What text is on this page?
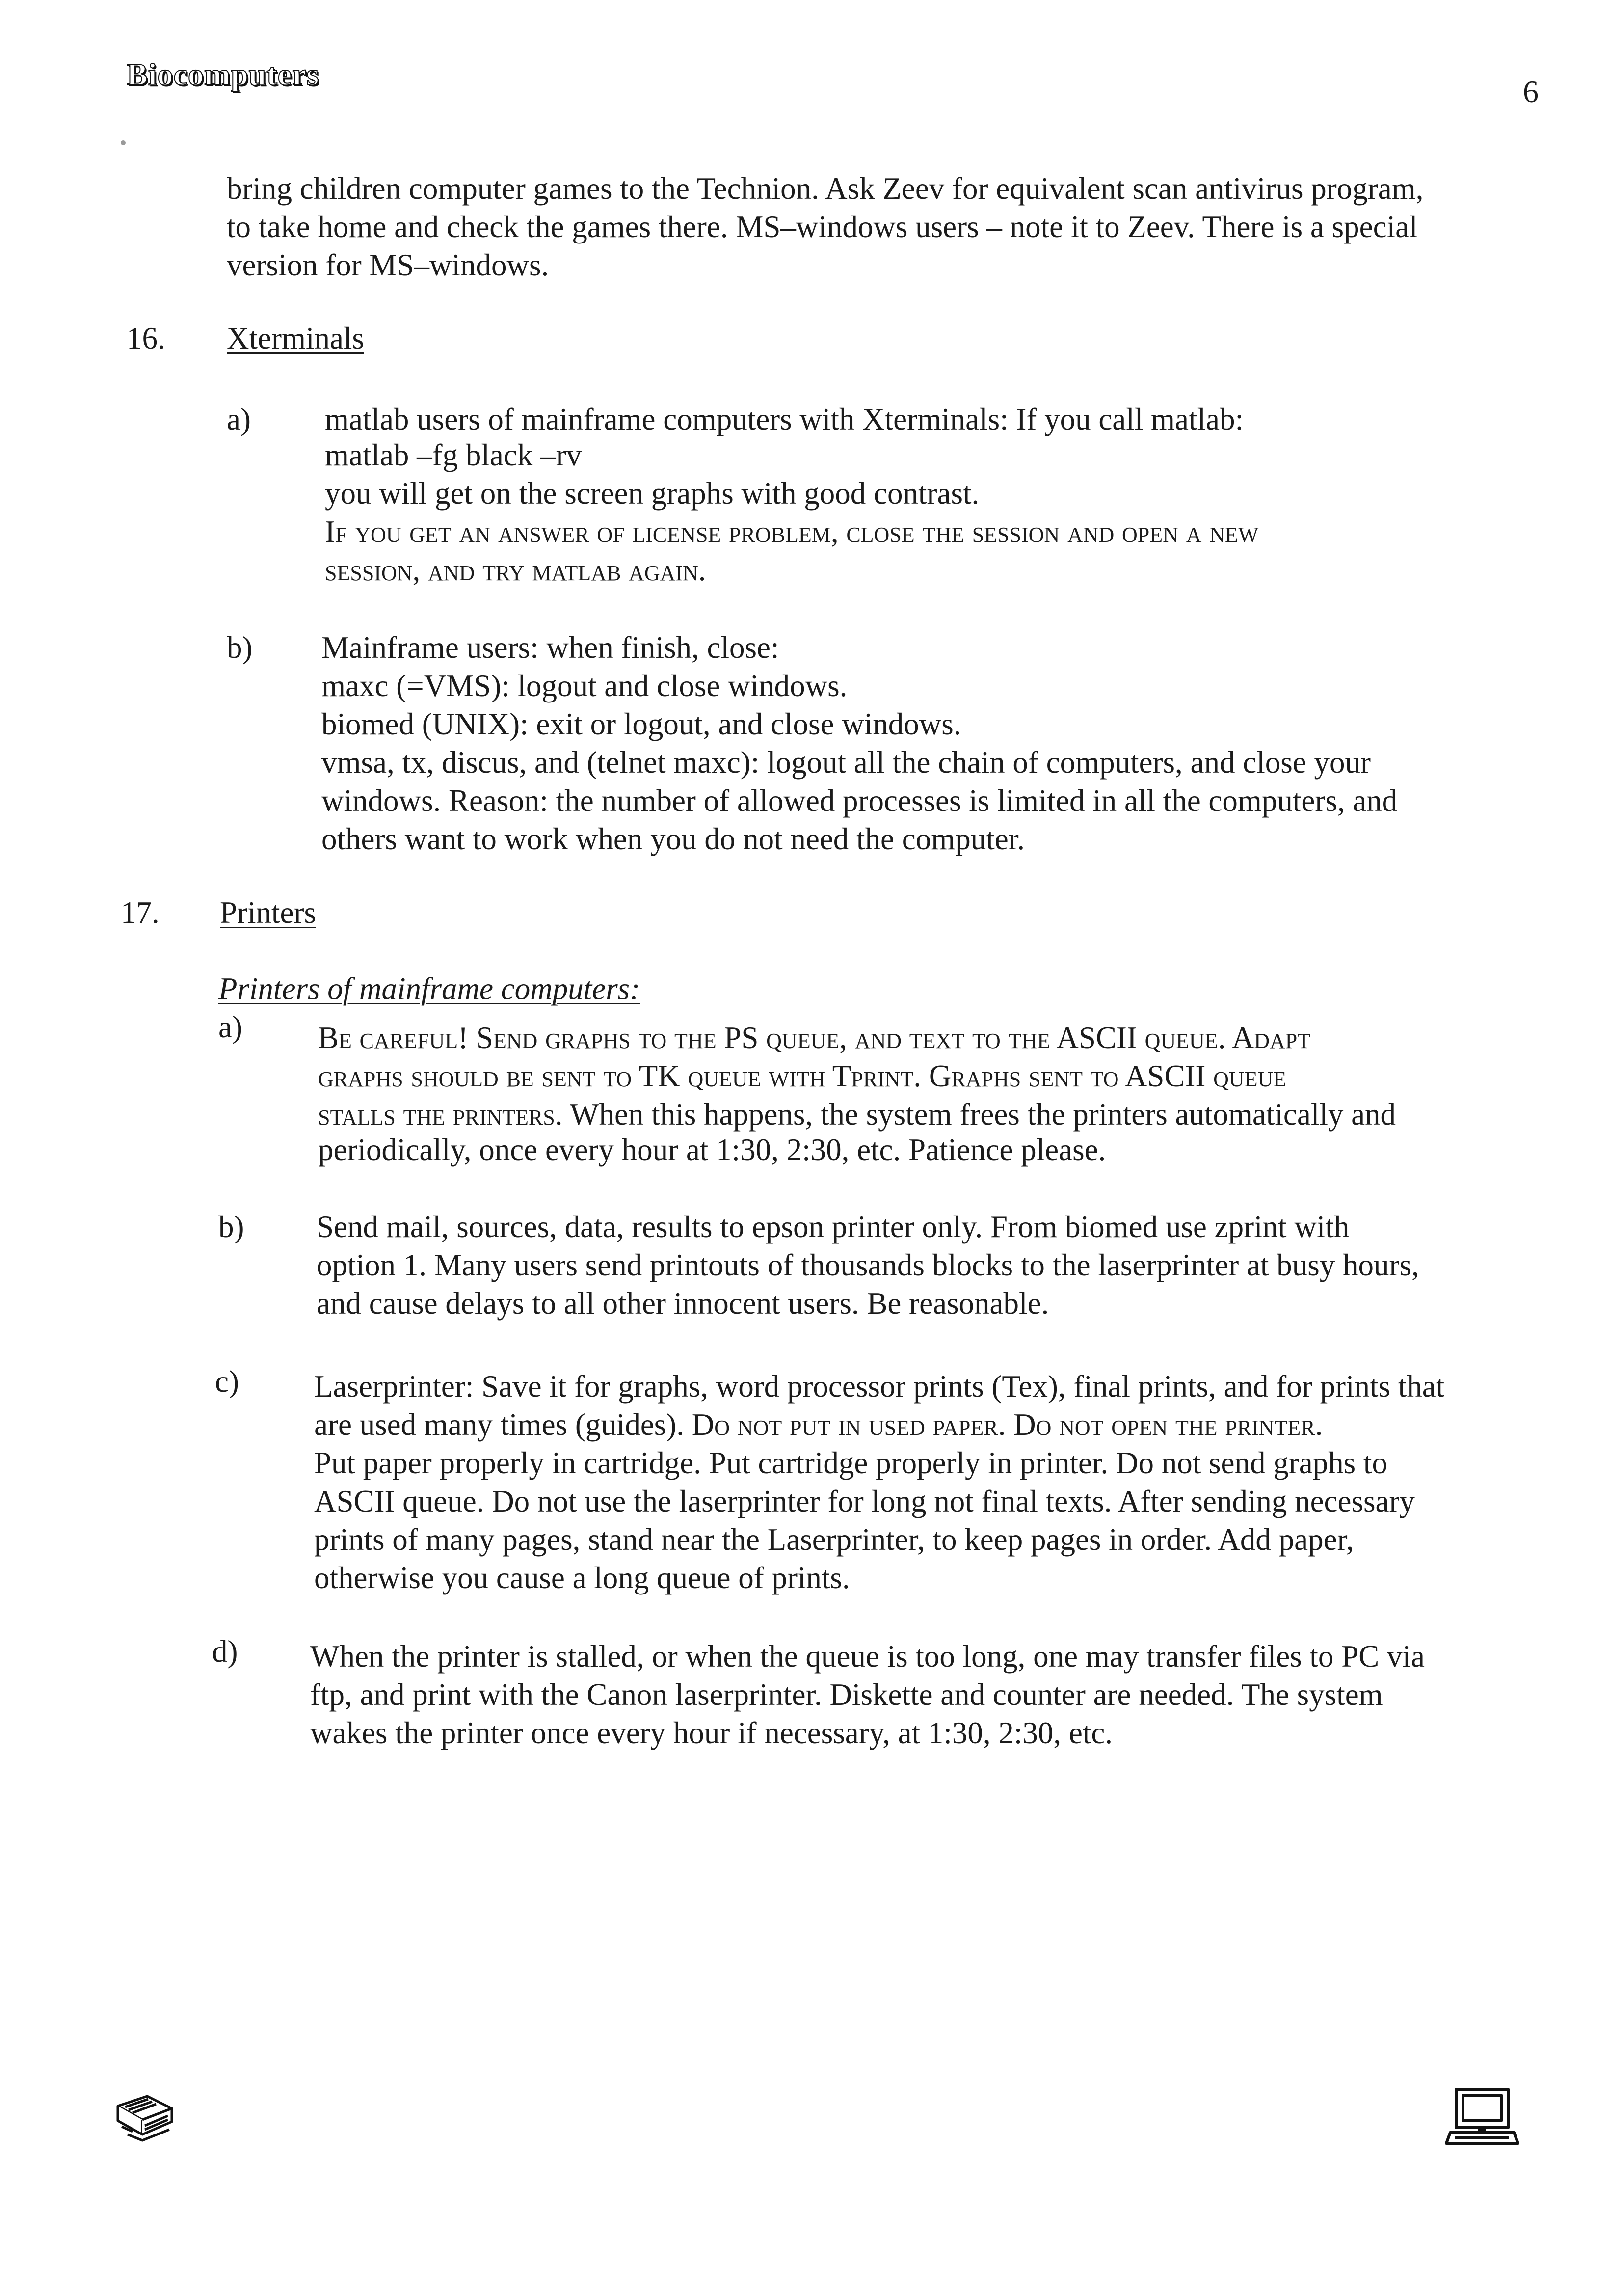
Biocomputers	6

bring children computer games to the Technion. Ask Zeev for equivalent scan antivirus program,

to take home and check the games there. MS–windows users – note it to Zeev. There is a special

version for MS–windows.

16. Xterminals
a) matlab users of mainframe computers with Xterminals: If you call matlab:

matlab –fg black –rv

you will get on the screen graphs with good contrast.

If you get an answer of license problem, close the session and open a new

session, and try matlab again.

b) Mainframe users: when finish, close:

maxc (=VMS): logout and close windows.

biomed (UNIX): exit or logout, and close windows.

vmsa, tx, discus, and (telnet maxc): logout all the chain of computers, and close your

windows. Reason: the number of allowed processes is limited in all the computers, and

others want to work when you do not need the computer.

17. Printers
Printers of mainframe computers:
a) Be careful! Send graphs to the PS queue, and text to the ASCII queue. Adapt

graphs should be sent to TK queue with Tprint. Graphs sent to ASCII queue

stalls the printers. When this happens, the system frees the printers automatically and

periodically, once every hour at 1:30, 2:30, etc. Patience please.

b) Send mail, sources, data, results to epson printer only. From biomed use zprint with

option 1. Many users send printouts of thousands blocks to the laserprinter at busy hours,

and cause delays to all other innocent users. Be reasonable.

c) Laserprinter: Save it for graphs, word processor prints (Tex), final prints, and for prints that

are used many times (guides). Do not put in used paper. Do not open the printer.

Put paper properly in cartridge. Put cartridge properly in printer. Do not send graphs to

ASCII queue. Do not use the laserprinter for long not final texts. After sending necessary

prints of many pages, stand near the Laserprinter, to keep pages in order. Add paper,

otherwise you cause a long queue of prints.

d) When the printer is stalled, or when the queue is too long, one may transfer files to PC via

ftp, and print with the Canon laserprinter. Diskette and counter are needed. The system

wakes the printer once every hour if necessary, at 1:30, 2:30, etc.
